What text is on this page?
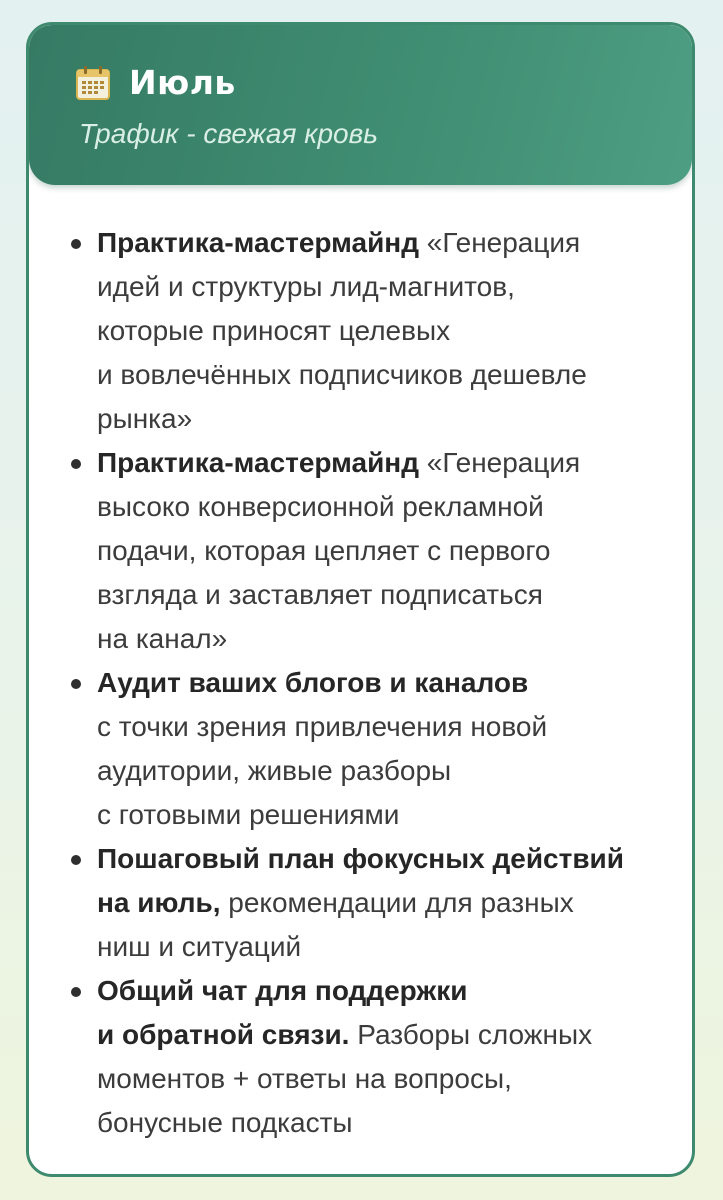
Июль
Трафик - свежая кровь
Практика-мастермайнд «Генерация
идей и структуры лид-магнитов,
которые приносят целевых
и вовлечённых подписчиков дешевле
рынка»
Практика-мастермайнд «Генерация
высоко конверсионной рекламной
подачи, которая цепляет с первого
взгляда и заставляет подписаться
на канал»
Аудит ваших блогов и каналов
с точки зрения привлечения новой
аудитории, живые разборы
с готовыми решениями
Пошаговый план фокусных действий
на июль, рекомендации для разных
ниш и ситуаций
Общий чат для поддержки
и обратной связи. Разборы сложных
моментов + ответы на вопросы,
бонусные подкасты
